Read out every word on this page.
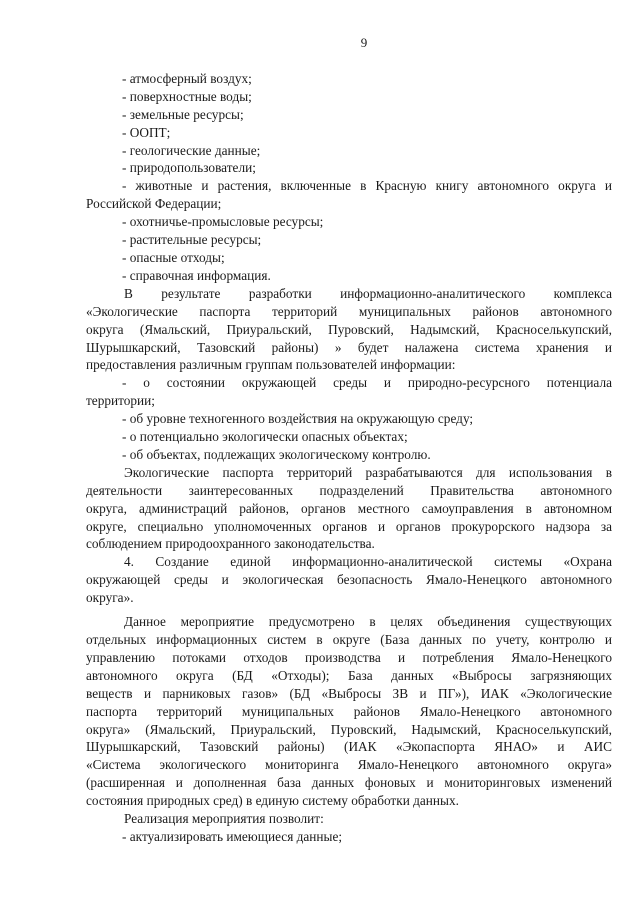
9
- атмосферный воздух;
- поверхностные воды;
- земельные ресурсы;
- ООПТ;
- геологические данные;
- природопользователи;
- животные и растения, включенные в Красную книгу автономного округа и
Российской Федерации;
- охотничье-промысловые ресурсы;
- растительные ресурсы;
- опасные отходы;
- справочная информация.
В результате разработки информационно-аналитического комплекса
«Экологические паспорта территорий муниципальных районов автономного
округа (Ямальский, Приуральский, Пуровский, Надымский, Красноселькупский,
Шурышкарский, Тазовский районы) » будет налажена система хранения и
предоставления различным группам пользователей информации:
- о состоянии окружающей среды и природно-ресурсного потенциала
территории;
- об уровне техногенного воздействия на окружающую среду;
- о потенциально экологически опасных объектах;
- об объектах, подлежащих экологическому контролю.
Экологические паспорта территорий разрабатываются для использования в
деятельности заинтересованных подразделений Правительства автономного
округа, администраций районов, органов местного самоуправления в автономном
округе, специально уполномоченных органов и органов прокурорского надзора за
соблюдением природоохранного законодательства.
4. Создание единой информационно-аналитической системы «Охрана
окружающей среды и экологическая безопасность Ямало-Ненецкого автономного
округа».
Данное мероприятие предусмотрено в целях объединения существующих
отдельных информационных систем в округе (База данных по учету, контролю и
управлению потоками отходов производства и потребления Ямало-Ненецкого
автономного округа (БД «Отходы); База данных «Выбросы загрязняющих
веществ и парниковых газов» (БД «Выбросы ЗВ и ПГ»), ИАК «Экологические
паспорта территорий муниципальных районов Ямало-Ненецкого автономного
округа» (Ямальский, Приуральский, Пуровский, Надымский, Красноселькупский,
Шурышкарский, Тазовский районы) (ИАК «Экопаспорта ЯНАО» и АИС
«Система экологического мониторинга Ямало-Ненецкого автономного округа»
(расширенная и дополненная база данных фоновых и мониторинговых изменений
состояния природных сред) в единую систему обработки данных.
Реализация мероприятия позволит:
- актуализировать имеющиеся данные;
